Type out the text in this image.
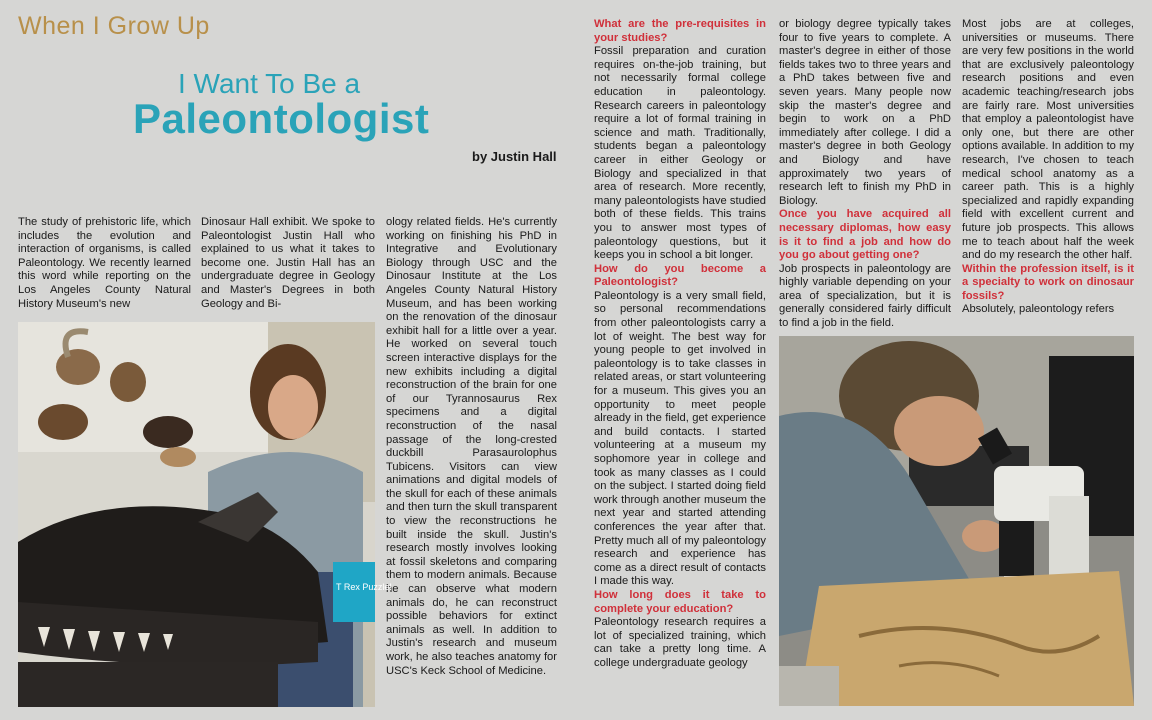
When I Grow Up
I Want To Be a
Paleontologist
by Justin Hall

The study of prehistoric life, which includes the evolution and interaction of organisms, is called Paleontology. We recently learned this word while reporting on the Los Angeles County Natural History Museum's new

Dinosaur Hall exhibit. We spoke to Paleontologist Justin Hall who explained to us what it takes to become one. Justin Hall has an undergraduate degree in Geology and Master's Degrees in both Geology and Bi-

ology related fields. He's currently working on finishing his PhD in Integrative and Evolutionary Biology through USC and the Dinosaur Institute at the Los Angeles County Natural History Museum, and has been working on the renovation of the dinosaur exhibit hall for a little over a year. He worked on several touch screen interactive displays for the new exhibits including a digital reconstruction of the brain for one of our Tyrannosaurus Rex specimens and a digital reconstruction of the nasal passage of the long-crested duckbill Parasaurolophus Tubicens. Visitors can view animations and digital models of the skull for each of these animals and then turn the skull transparent to view the reconstructions he built inside the skull. Justin's research mostly involves looking at fossil skeletons and comparing them to modern animals. Because he can observe what modern animals do, he can reconstruct possible behaviors for extinct animals as well. In addition to Justin's research and museum work, he also teaches anatomy for USC's Keck School of Medicine.

T Rex Puzzle!

What are the pre-requisites in your studies?

Fossil preparation and curation requires on-the-job training, but not necessarily formal college education in paleontology. Research careers in paleontology require a lot of formal training in science and math. Traditionally, students began a paleontology career in either Geology or Biology and specialized in that area of research. More recently, many paleontologists have studied both of these fields. This trains you to answer most types of paleontology questions, but it keeps you in school a bit longer.

How do you become a Paleontologist?

Paleontology is a very small field, so personal recommendations from other paleontologists carry a lot of weight. The best way for young people to get involved in paleontology is to take classes in related areas, or start volunteering for a museum. This gives you an opportunity to meet people already in the field, get experience and build contacts. I started volunteering at a museum my sophomore year in college and took as many classes as I could on the subject. I started doing field work through another museum the next year and started attending conferences the year after that. Pretty much all of my paleontology research and experience has come as a direct result of contacts I made this way.

How long does it take to complete your education?

Paleontology research requires a lot of specialized training, which can take a pretty long time. A college undergraduate geology

or biology degree typically takes four to five years to complete. A master's degree in either of those fields takes two to three years and a PhD takes between five and seven years. Many people now skip the master's degree and begin to work on a PhD immediately after college. I did a master's degree in both Geology and Biology and have approximately two years of research left to finish my PhD in Biology.

Once you have acquired all necessary diplomas, how easy is it to find a job and how do you go about getting one?

Job prospects in paleontology are highly variable depending on your area of specialization, but it is generally considered fairly difficult to find a job in the field.

Most jobs are at colleges, universities or museums. There are very few positions in the world that are exclusively paleontology research positions and even academic teaching/research jobs are fairly rare. Most universities that employ a paleontologist have only one, but there are other options available. In addition to my research, I've chosen to teach medical school anatomy as a career path. This is a highly specialized and rapidly expanding field with excellent current and future job prospects. This allows me to teach about half the week and do my research the other half.

Within the profession itself, is it a specialty to work on dinosaur fossils?

Absolutely, paleontology refers
